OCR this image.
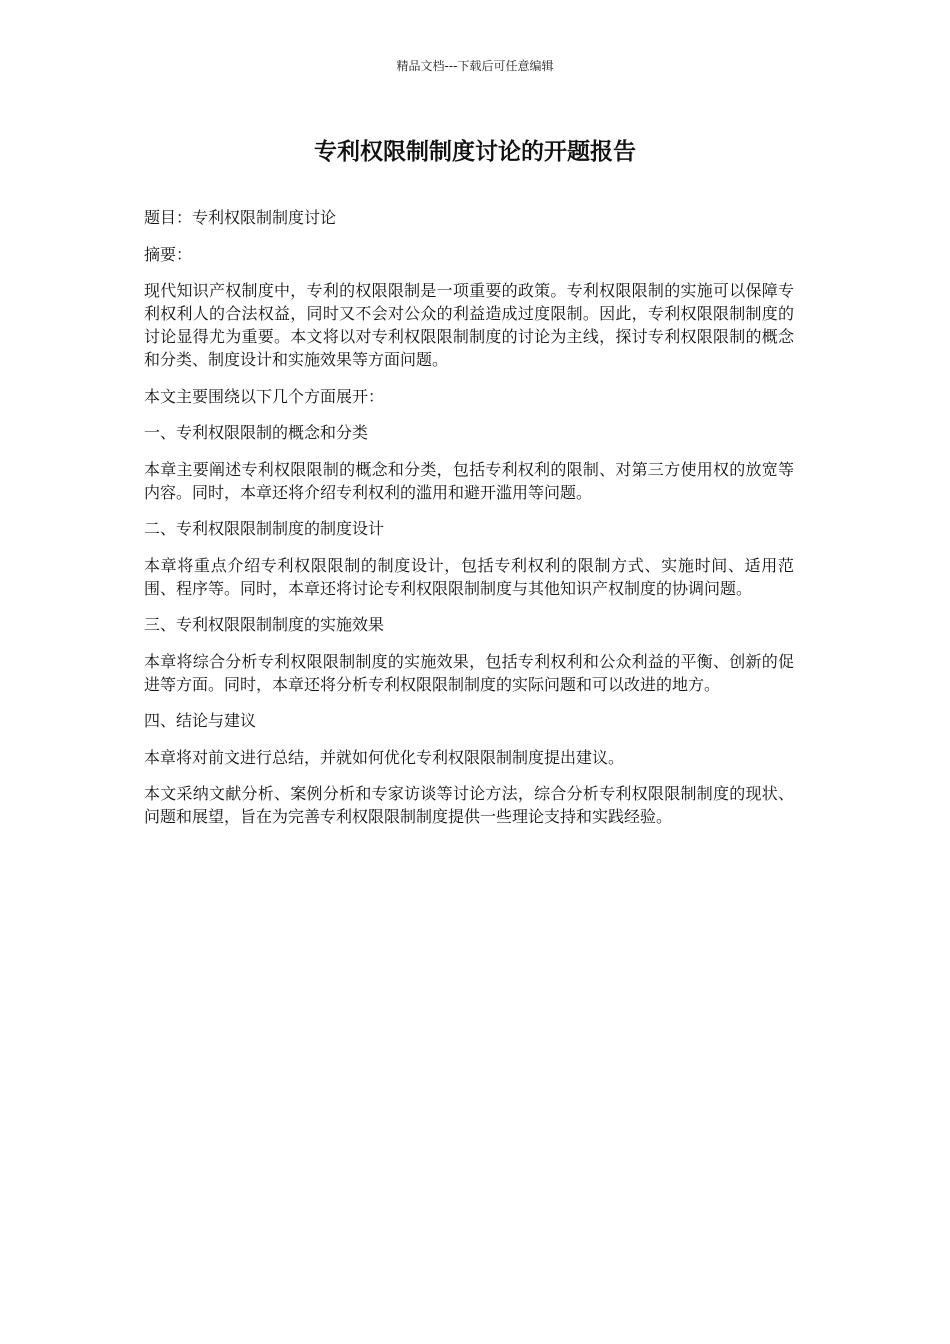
精品文档---下载后可任意编辑
专利权限制制度讨论的开题报告

题目：专利权限制制度讨论

摘要：

现代知识产权制度中，专利的权限限制是一项重要的政策。专利权限限制的实施可以保障专利权利人的合法权益，同时又不会对公众的利益造成过度限制。因此，专利权限限制制度的讨论显得尤为重要。本文将以对专利权限限制制度的讨论为主线，探讨专利权限限制的概念和分类、制度设计和实施效果等方面问题。

本文主要围绕以下几个方面展开：

一、专利权限限制的概念和分类

本章主要阐述专利权限限制的概念和分类，包括专利权利的限制、对第三方使用权的放宽等内容。同时，本章还将介绍专利权利的滥用和避开滥用等问题。

二、专利权限限制制度的制度设计

本章将重点介绍专利权限限制的制度设计，包括专利权利的限制方式、实施时间、适用范围、程序等。同时，本章还将讨论专利权限限制制度与其他知识产权制度的协调问题。

三、专利权限限制制度的实施效果

本章将综合分析专利权限限制制度的实施效果，包括专利权利和公众利益的平衡、创新的促进等方面。同时，本章还将分析专利权限限制制度的实际问题和可以改进的地方。

四、结论与建议

本章将对前文进行总结，并就如何优化专利权限限制制度提出建议。

本文采纳文献分析、案例分析和专家访谈等讨论方法，综合分析专利权限限制制度的现状、问题和展望，旨在为完善专利权限限制制度提供一些理论支持和实践经验。
